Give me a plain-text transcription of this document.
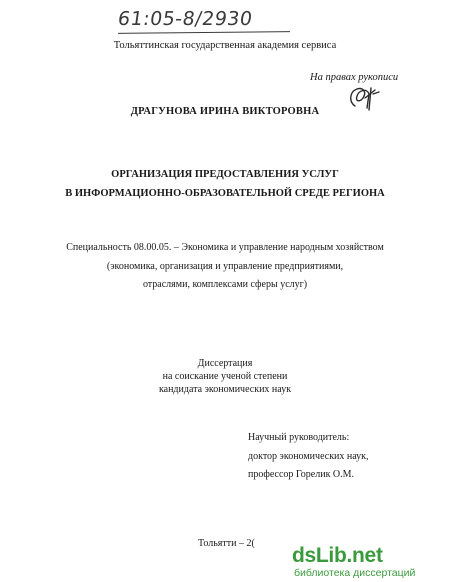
61:05-8/2930
Тольяттинская государственная академия сервиса
На правах рукописи
ДРАГУНОВА ИРИНА ВИКТОРОВНА
ОРГАНИЗАЦИЯ ПРЕДОСТАВЛЕНИЯ УСЛУГ
В ИНФОРМАЦИОННО-ОБРАЗОВАТЕЛЬНОЙ СРЕДЕ РЕГИОНА
Специальность 08.00.05. – Экономика и управление народным хозяйством
(экономика, организация и управление предприятиями,
отраслями, комплексами сферы услуг)
Диссертация
на соискание ученой степени
кандидата экономических наук
Научный руководитель:
доктор экономических наук,
профессор Горелик О.М.
Тольятти – 2(
dsLib.net
библиотека диссертаций
